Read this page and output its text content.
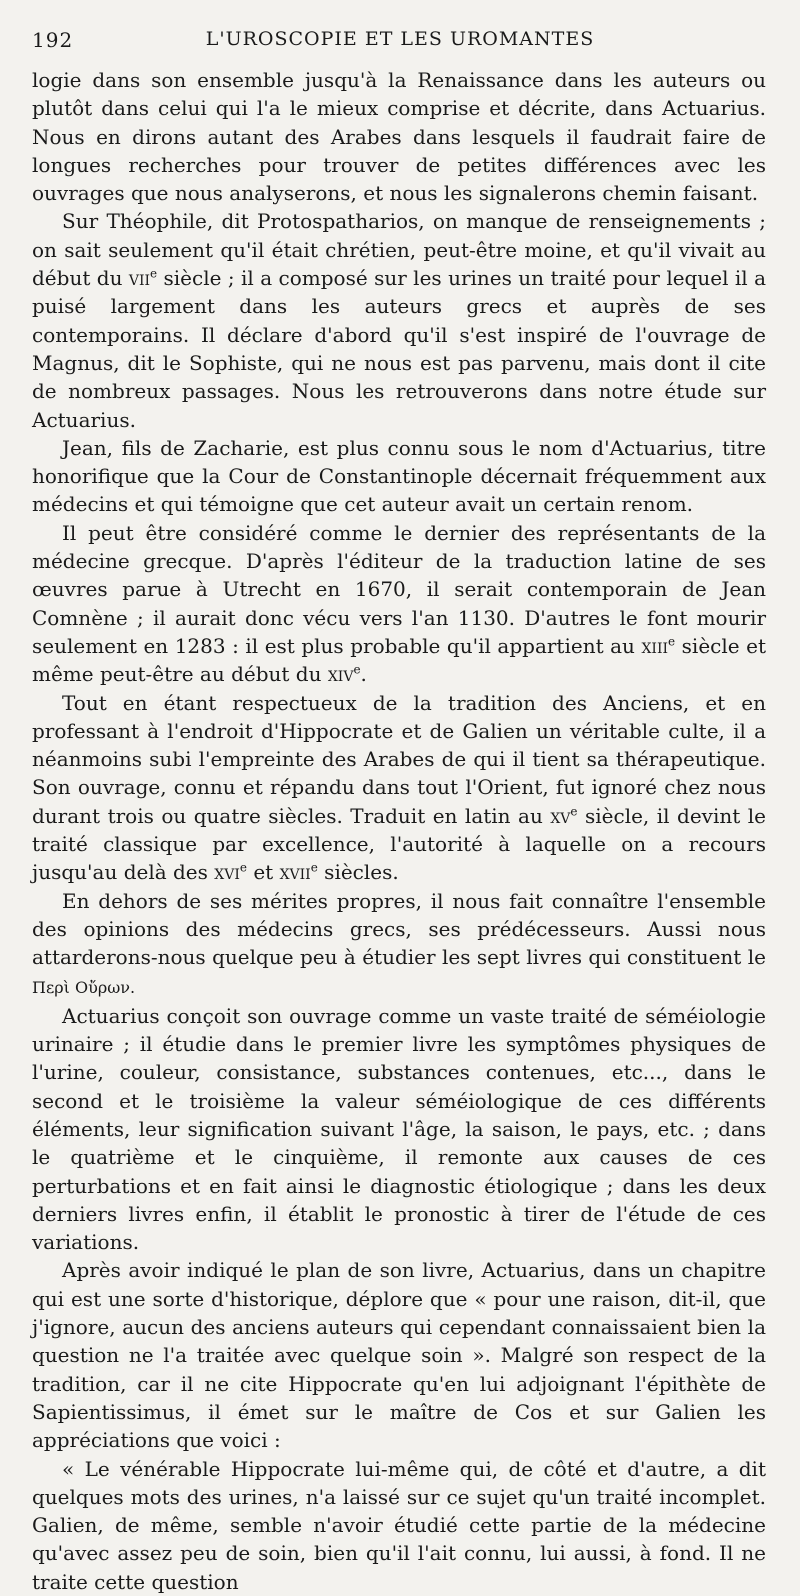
192	L'UROSCOPIE ET LES UROMANTES

logie dans son ensemble jusqu'à la Renaissance dans les auteurs ou plutôt dans celui qui l'a le mieux comprise et décrite, dans Actuarius. Nous en dirons autant des Arabes dans lesquels il faudrait faire de longues recherches pour trouver de petites différences avec les ouvrages que nous analyserons, et nous les signalerons chemin faisant.

Sur Théophile, dit Protospatharios, on manque de renseignements ; on sait seulement qu'il était chrétien, peut-être moine, et qu'il vivait au début du vii$^e$ siècle ; il a composé sur les urines un traité pour lequel il a puisé largement dans les auteurs grecs et auprès de ses contemporains. Il déclare d'abord qu'il s'est inspiré de l'ouvrage de Magnus, dit le Sophiste, qui ne nous est pas parvenu, mais dont il cite de nombreux passages. Nous les retrouverons dans notre étude sur Actuarius.

Jean, fils de Zacharie, est plus connu sous le nom d'Actuarius, titre honorifique que la Cour de Constantinople décernait fréquemment aux médecins et qui témoigne que cet auteur avait un certain renom.

Il peut être considéré comme le dernier des représentants de la médecine grecque. D'après l'éditeur de la traduction latine de ses œuvres parue à Utrecht en 1670, il serait contemporain de Jean Comnène ; il aurait donc vécu vers l'an 1130. D'autres le font mourir seulement en 1283 : il est plus probable qu'il appartient au xiii$^e$ siècle et même peut-être au début du xiv$^e$.

Tout en étant respectueux de la tradition des Anciens, et en professant à l'endroit d'Hippocrate et de Galien un véritable culte, il a néanmoins subi l'empreinte des Arabes de qui il tient sa thérapeutique. Son ouvrage, connu et répandu dans tout l'Orient, fut ignoré chez nous durant trois ou quatre siècles. Traduit en latin au $xv^e$ siècle, il devint le traité classique par excellence, l'autorité à laquelle on a recours jusqu'au delà des xvi$^e$ et xvii$^e$ siècles.

En dehors de ses mérites propres, il nous fait connaître l'ensemble des opinions des médecins grecs, ses prédécesseurs. Aussi nous attarderons-nous quelque peu à étudier les sept livres qui constituent le Περὶ Οὔρων.

Actuarius conçoit son ouvrage comme un vaste traité de séméiologie urinaire ; il étudie dans le premier livre les symptômes physiques de l'urine, couleur, consistance, substances contenues, etc..., dans le second et le troisième la valeur séméiologique de ces différents éléments, leur signification suivant l'âge, la saison, le pays, etc. ; dans le quatrième et le cinquième, il remonte aux causes de ces perturbations et en fait ainsi le diagnostic étiologique ; dans les deux derniers livres enfin, il établit le pronostic à tirer de l'étude de ces variations.

Après avoir indiqué le plan de son livre, Actuarius, dans un chapitre qui est une sorte d'historique, déplore que « pour une raison, dit-il, que j'ignore, aucun des anciens auteurs qui cependant connaissaient bien la question ne l'a traitée avec quelque soin ». Malgré son respect de la tradition, car il ne cite Hippocrate qu'en lui adjoignant l'épithète de Sapientissimus, il émet sur le maître de Cos et sur Galien les appréciations que voici :

« Le vénérable Hippocrate lui-même qui, de côté et d'autre, a dit quelques mots des urines, n'a laissé sur ce sujet qu'un traité incomplet. Galien, de même, semble n'avoir étudié cette partie de la médecine qu'avec assez peu de soin, bien qu'il l'ait connu, lui aussi, à fond. Il ne traite cette question
